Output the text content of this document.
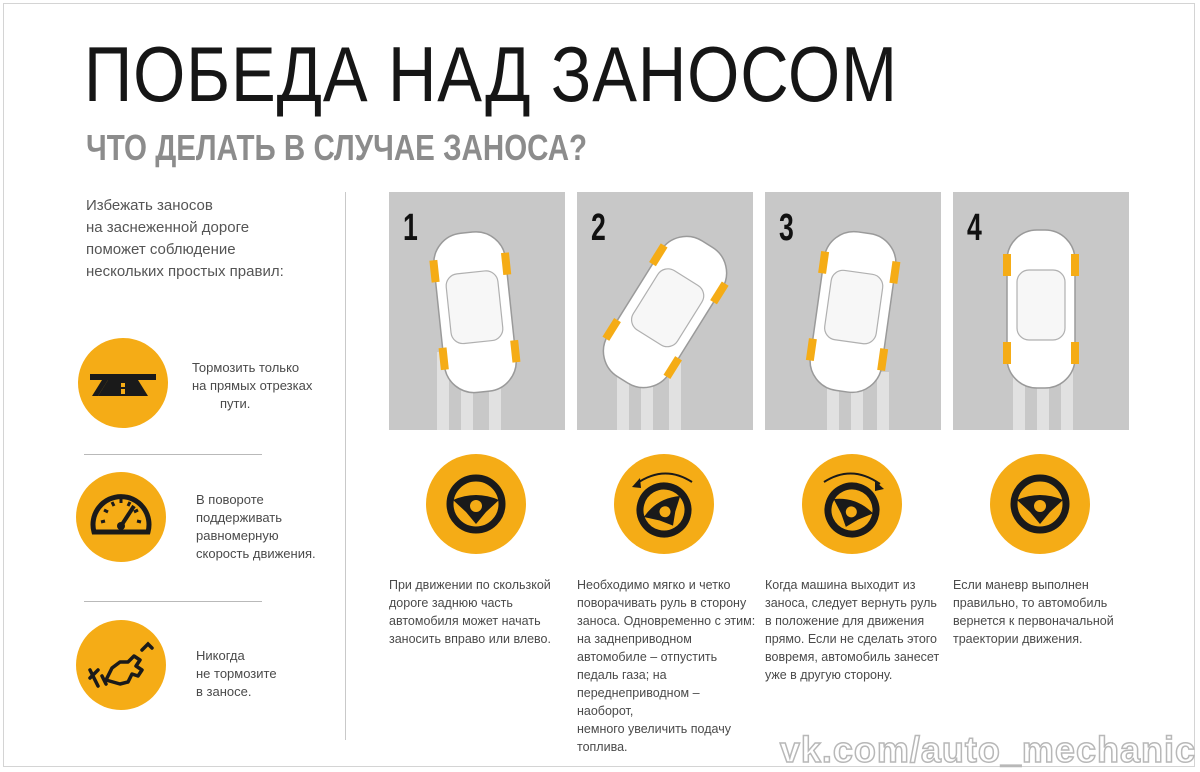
ПОБЕДА НАД ЗАНОСОМ
ЧТО ДЕЛАТЬ В СЛУЧАЕ ЗАНОСА?
Избежать заносов
на заснеженной дороге
поможет соблюдение
нескольких простых правил:
Тормозить только
на прямых отрезках
пути.
В повороте
поддерживать
равномерную
скорость движения.
Никогда
не тормозите
в заносе.
1
При движении по скользкой
дороге заднюю часть
автомобиля может начать
заносить вправо или влево.
2
Необходимо мягко и четко
поворачивать руль в сторону
заноса. Одновременно с этим:
на заднеприводном
автомобиле – отпустить
педаль газа; на
переднеприводном – наоборот,
немного увеличить подачу
топлива.
3
Когда машина выходит из
заноса, следует вернуть руль
в положение для движения
прямо. Если не сделать этого
вовремя, автомобиль занесет
уже в другую сторону.
4
Если маневр выполнен
правильно, то автомобиль
вернется к первоначальной
траектории движения.
vk.com/auto_mechanic
